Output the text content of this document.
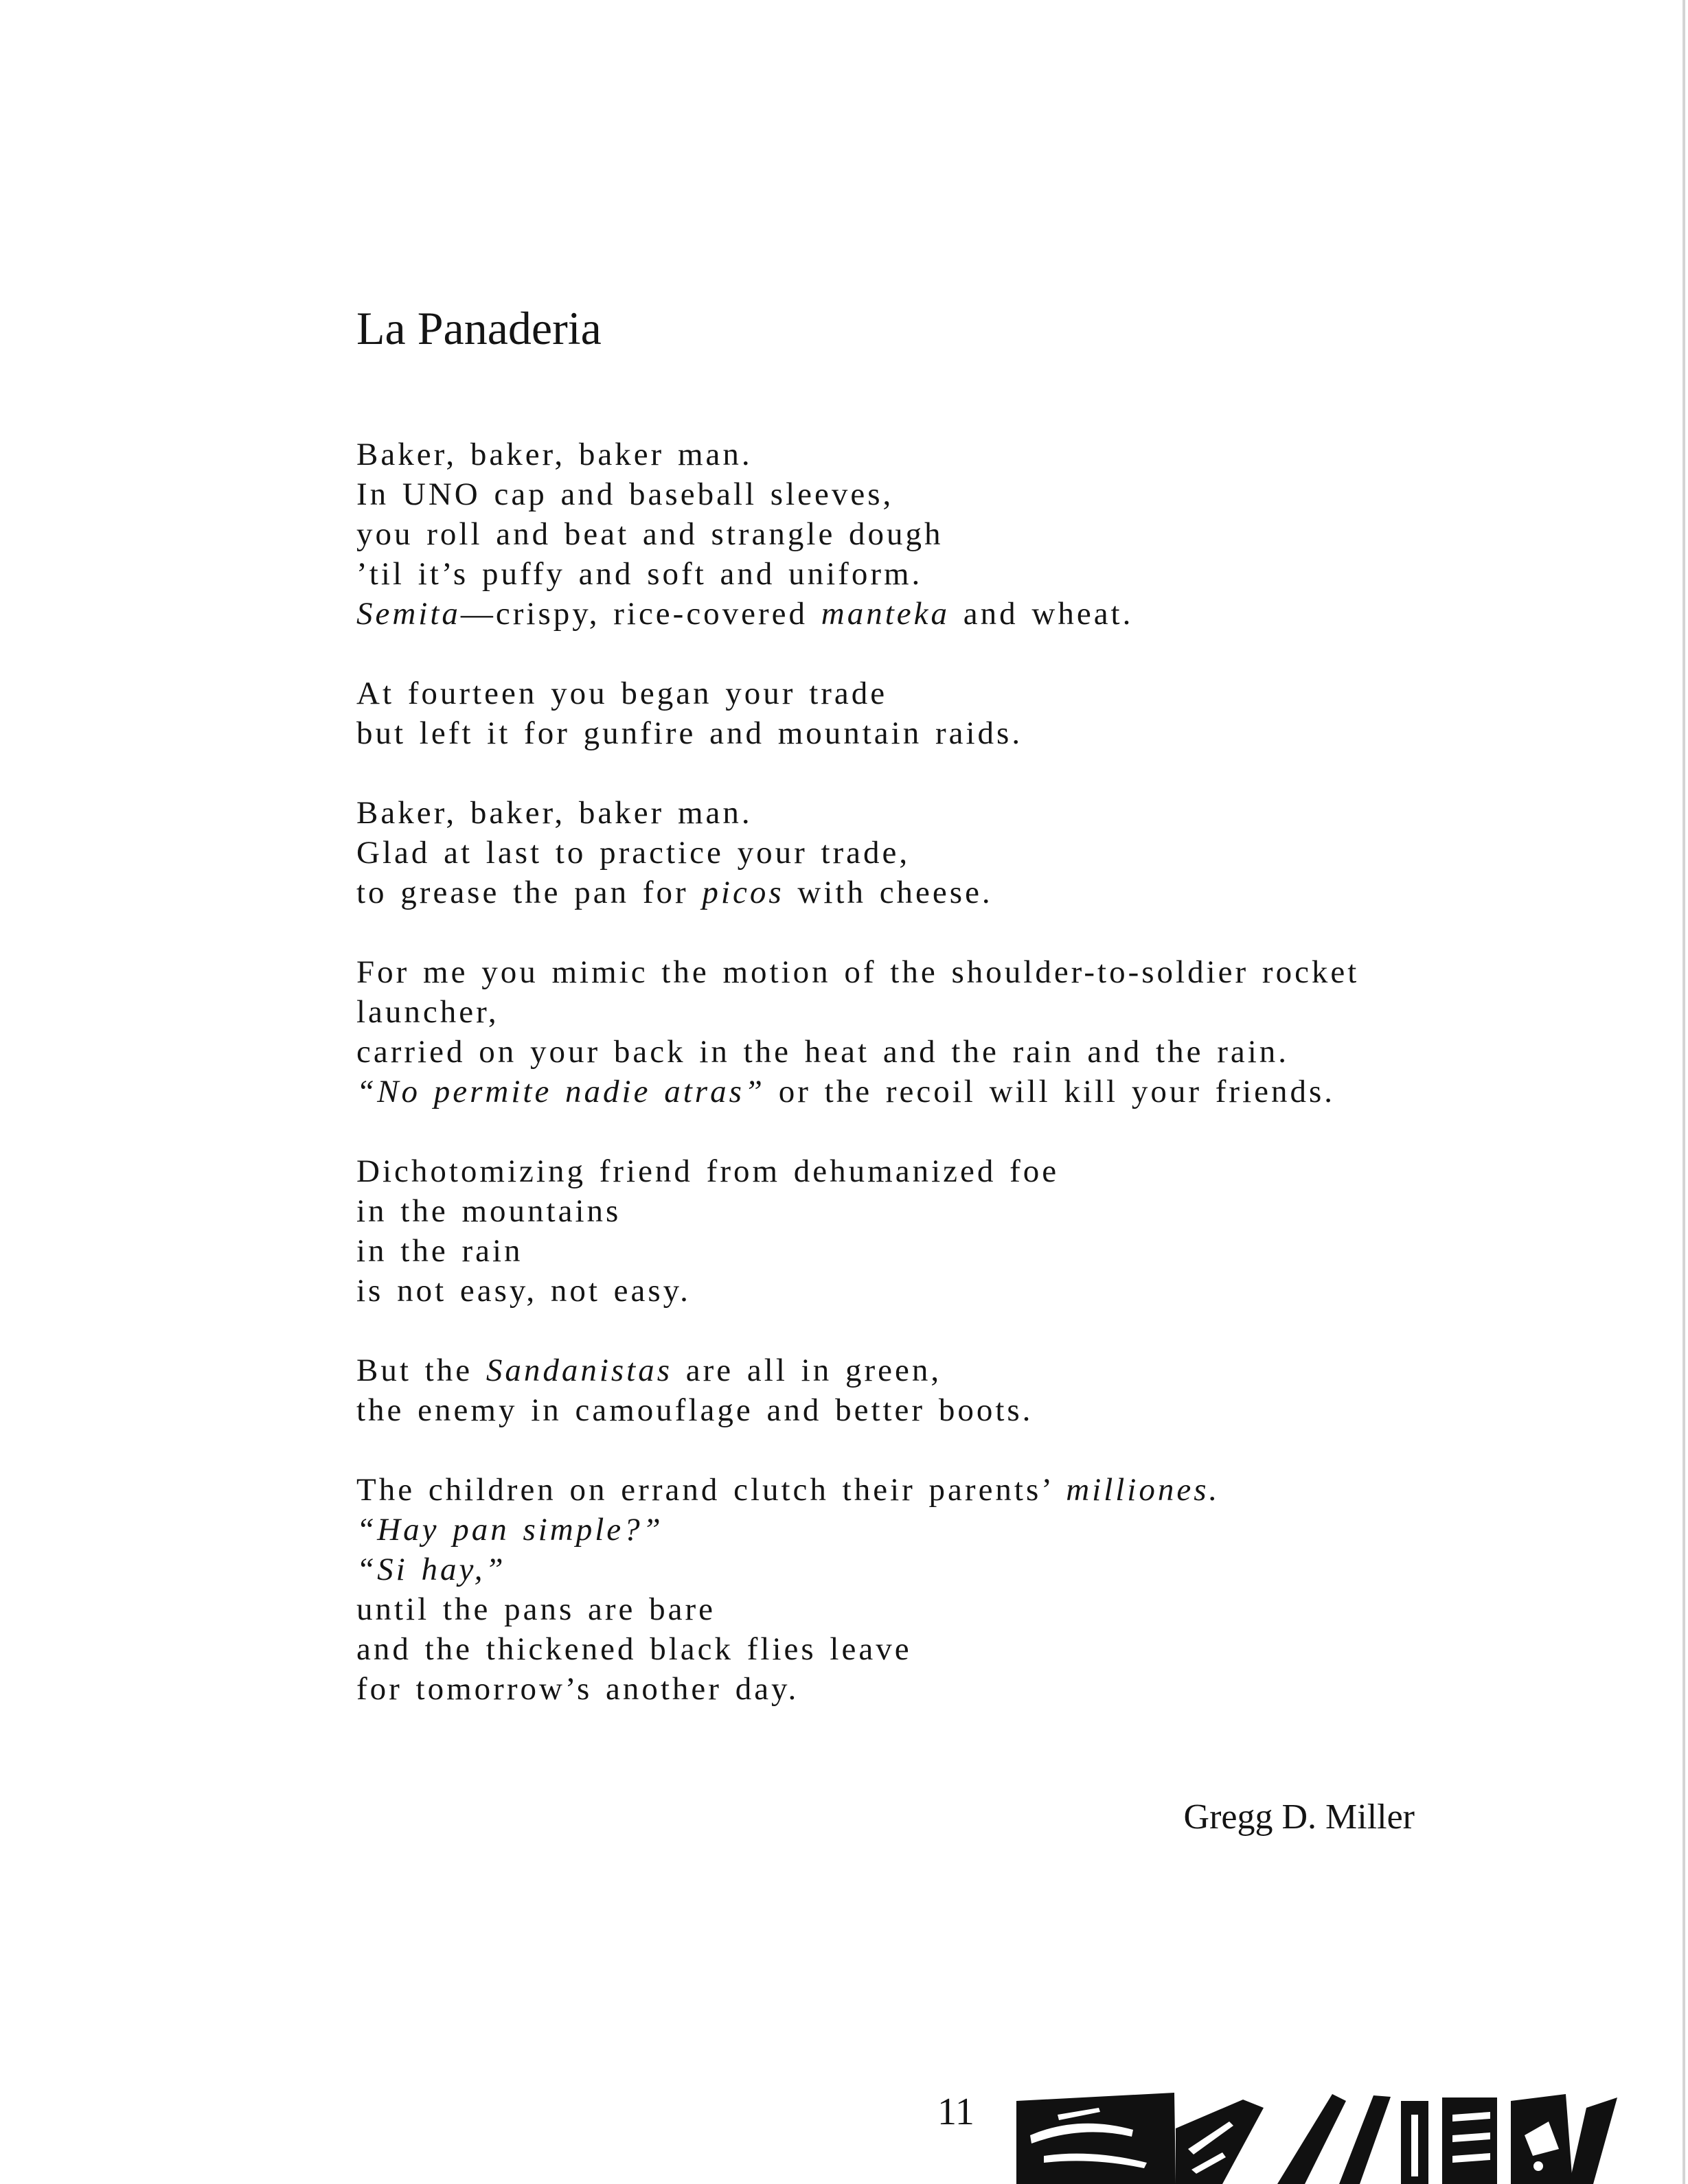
La Panaderia
Baker, baker, baker man.
In UNO cap and baseball sleeves,
you roll and beat and strangle dough
’til it’s puffy and soft and uniform.
Semita—crispy, rice-covered manteka and wheat.
At fourteen you began your trade
but left it for gunfire and mountain raids.
Baker, baker, baker man.
Glad at last to practice your trade,
to grease the pan for picos with cheese.
For me you mimic the motion of the shoulder-to-soldier rocket
launcher,
carried on your back in the heat and the rain and the rain.
“No permite nadie atras” or the recoil will kill your friends.
Dichotomizing friend from dehumanized foe
in the mountains
in the rain
is not easy, not easy.
But the Sandanistas are all in green,
the enemy in camouflage and better boots.
The children on errand clutch their parents’ milliones.
“Hay pan simple?”
“Si hay,”
until the pans are bare
and the thickened black flies leave
for tomorrow’s another day.
Gregg D. Miller
11
